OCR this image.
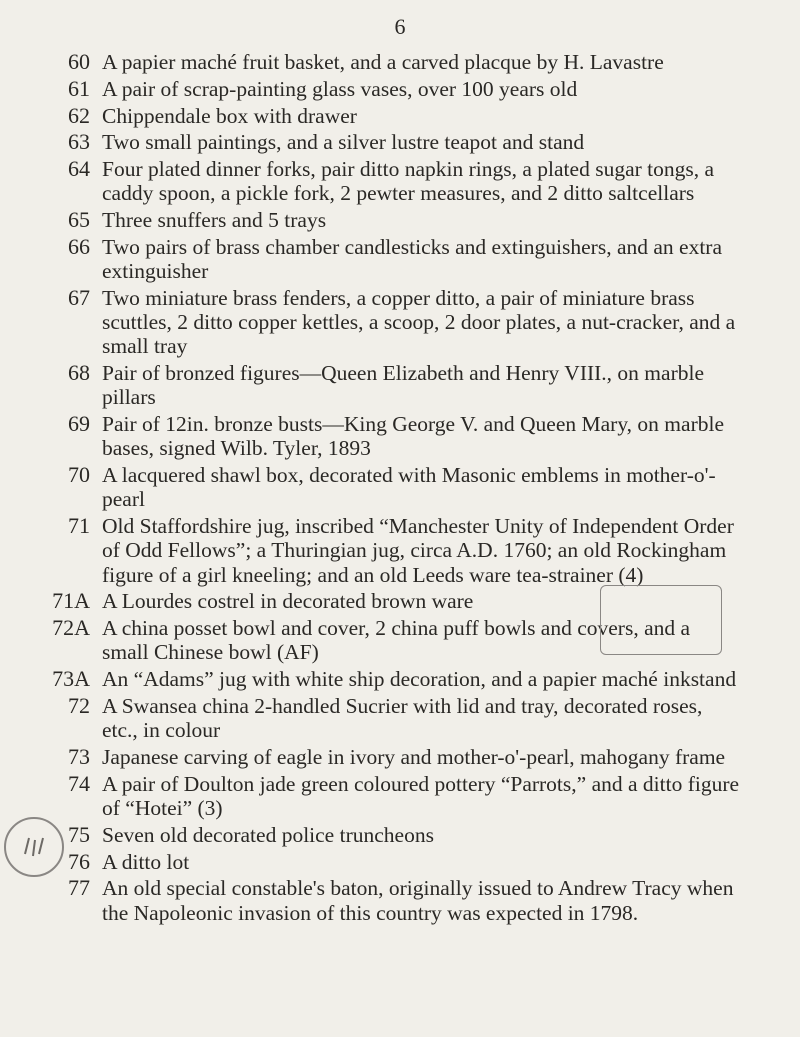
6
60 A papier maché fruit basket, and a carved placque by H. Lavastre
61 A pair of scrap-painting glass vases, over 100 years old
62 Chippendale box with drawer
63 Two small paintings, and a silver lustre teapot and stand
64 Four plated dinner forks, pair ditto napkin rings, a plated sugar tongs, a caddy spoon, a pickle fork, 2 pewter measures, and 2 ditto saltcellars
65 Three snuffers and 5 trays
66 Two pairs of brass chamber candlesticks and extinguishers, and an extra extinguisher
67 Two miniature brass fenders, a copper ditto, a pair of miniature brass scuttles, 2 ditto copper kettles, a scoop, 2 door plates, a nut-cracker, and a small tray
68 Pair of bronzed figures—Queen Elizabeth and Henry VIII., on marble pillars
69 Pair of 12in. bronze busts—King George V. and Queen Mary, on marble bases, signed Wilb. Tyler, 1893
70 A lacquered shawl box, decorated with Masonic emblems in mother-o'-pearl
71 Old Staffordshire jug, inscribed “Manchester Unity of Independent Order of Odd Fellows”; a Thuringian jug, circa A.D. 1760; an old Rockingham figure of a girl kneeling; and an old Leeds ware tea-strainer (4)
71A A Lourdes costrel in decorated brown ware
72A A china posset bowl and cover, 2 china puff bowls and covers, and a small Chinese bowl (AF)
73A An “Adams” jug with white ship decoration, and a papier maché inkstand
72 A Swansea china 2-handled Sucrier with lid and tray, decorated roses, etc., in colour
73 Japanese carving of eagle in ivory and mother-o'-pearl, mahogany frame
74 A pair of Doulton jade green coloured pottery “Parrots,” and a ditto figure of “Hotei” (3)
75 Seven old decorated police truncheons
76 A ditto lot
77 An old special constable's baton, originally issued to Andrew Tracy when the Napoleonic invasion of this country was expected in 1798.
